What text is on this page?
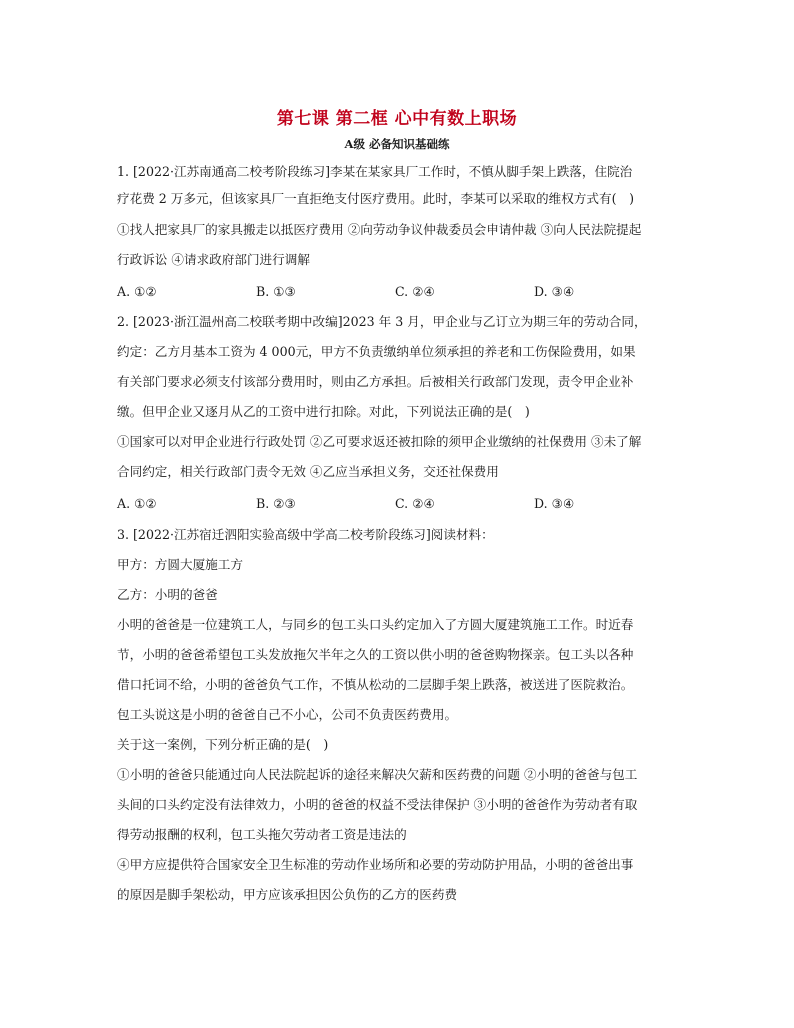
第七课 第二框 心中有数上职场
A级 必备知识基础练
1. [2022·江苏南通高二校考阶段练习]李某在某家具厂工作时，不慎从脚手架上跌落，住院治
疗花费 2 万多元，但该家具厂一直拒绝支付医疗费用。此时，李某可以采取的维权方式有(　)
①找人把家具厂的家具搬走以抵医疗费用 ②向劳动争议仲裁委员会申请仲裁 ③向人民法院提起
行政诉讼 ④请求政府部门进行调解
A. ①②	B. ①③	C. ②④	D. ③④
2. [2023·浙江温州高二校联考期中改编]2023 年 3 月，甲企业与乙订立为期三年的劳动合同，
约定：乙方月基本工资为 4 000元，甲方不负责缴纳单位须承担的养老和工伤保险费用，如果
有关部门要求必须支付该部分费用时，则由乙方承担。后被相关行政部门发现，责令甲企业补
缴。但甲企业又逐月从乙的工资中进行扣除。对此，下列说法正确的是(　)
①国家可以对甲企业进行行政处罚 ②乙可要求返还被扣除的须甲企业缴纳的社保费用 ③未了解
合同约定，相关行政部门责令无效 ④乙应当承担义务，交还社保费用
A. ①②	B. ②③	C. ②④	D. ③④
3. [2022·江苏宿迁泗阳实验高级中学高二校考阶段练习]阅读材料：
甲方：方圆大厦施工方
乙方：小明的爸爸
小明的爸爸是一位建筑工人，与同乡的包工头口头约定加入了方圆大厦建筑施工工作。时近春
节，小明的爸爸希望包工头发放拖欠半年之久的工资以供小明的爸爸购物探亲。包工头以各种
借口托词不给，小明的爸爸负气工作，不慎从松动的二层脚手架上跌落，被送进了医院救治。
包工头说这是小明的爸爸自己不小心，公司不负责医药费用。
关于这一案例，下列分析正确的是(　)
①小明的爸爸只能通过向人民法院起诉的途径来解决欠薪和医药费的问题 ②小明的爸爸与包工
头间的口头约定没有法律效力，小明的爸爸的权益不受法律保护 ③小明的爸爸作为劳动者有取
得劳动报酬的权利，包工头拖欠劳动者工资是违法的
④甲方应提供符合国家安全卫生标准的劳动作业场所和必要的劳动防护用品，小明的爸爸出事
的原因是脚手架松动，甲方应该承担因公负伤的乙方的医药费
